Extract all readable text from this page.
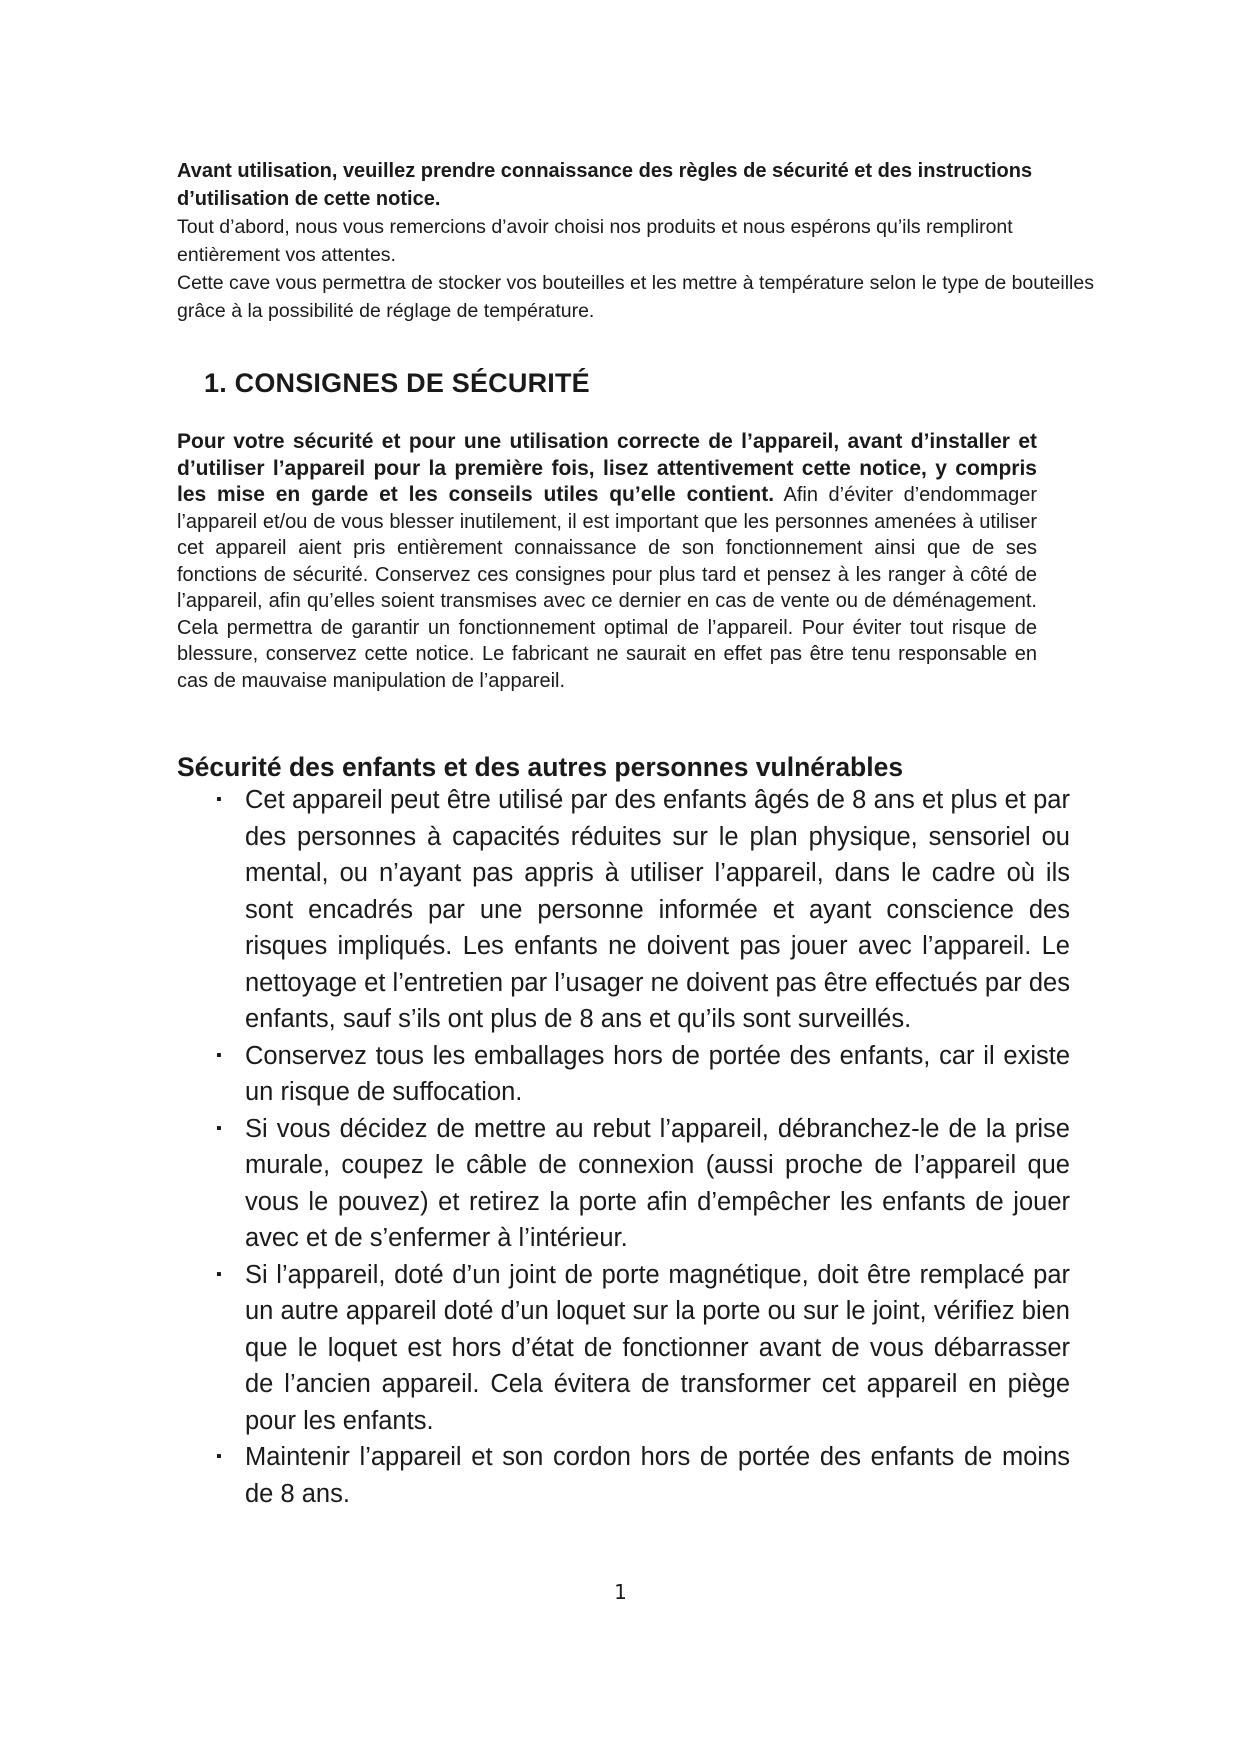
Avant utilisation, veuillez prendre connaissance des règles de sécurité et des instructions d’utilisation de cette notice.

Tout d’abord, nous vous remercions d’avoir choisi nos produits et nous espérons qu’ils rempliront entièrement vos attentes.

Cette cave vous permettra de stocker vos bouteilles et les mettre à température selon le type de bouteilles grâce à la possibilité de réglage de température.

1. CONSIGNES DE SÉCURITÉ

Pour votre sécurité et pour une utilisation correcte de l’appareil, avant d’installer et d’utiliser l’appareil pour la première fois, lisez attentivement cette notice, y compris les mise en garde et les conseils utiles qu’elle contient. Afin d’éviter d’endommager l’appareil et/ou de vous blesser inutilement, il est important que les personnes amenées à utiliser cet appareil aient pris entièrement connaissance de son fonctionnement ainsi que de ses fonctions de sécurité. Conservez ces consignes pour plus tard et pensez à les ranger à côté de l’appareil, afin qu’elles soient transmises avec ce dernier en cas de vente ou de déménagement. Cela permettra de garantir un fonctionnement optimal de l’appareil. Pour éviter tout risque de blessure, conservez cette notice. Le fabricant ne saurait en effet pas être tenu responsable en cas de mauvaise manipulation de l’appareil.

Sécurité des enfants et des autres personnes vulnérables
▪ Cet appareil peut être utilisé par des enfants âgés de 8 ans et plus et par des personnes à capacités réduites sur le plan physique, sensoriel ou mental, ou n’ayant pas appris à utiliser l’appareil, dans le cadre où ils sont encadrés par une personne informée et ayant conscience des risques impliqués. Les enfants ne doivent pas jouer avec l’appareil. Le nettoyage et l’entretien par l’usager ne doivent pas être effectués par des enfants, sauf s’ils ont plus de 8 ans et qu’ils sont surveillés.
▪ Conservez tous les emballages hors de portée des enfants, car il existe un risque de suffocation.
▪ Si vous décidez de mettre au rebut l’appareil, débranchez-le de la prise murale, coupez le câble de connexion (aussi proche de l’appareil que vous le pouvez) et retirez la porte afin d’empêcher les enfants de jouer avec et de s’enfermer à l’intérieur.
▪ Si l’appareil, doté d’un joint de porte magnétique, doit être remplacé par un autre appareil doté d’un loquet sur la porte ou sur le joint, vérifiez bien que le loquet est hors d’état de fonctionner avant de vous débarrasser de l’ancien appareil. Cela évitera de transformer cet appareil en piège pour les enfants.
▪ Maintenir l’appareil et son cordon hors de portée des enfants de moins de 8 ans.
1
